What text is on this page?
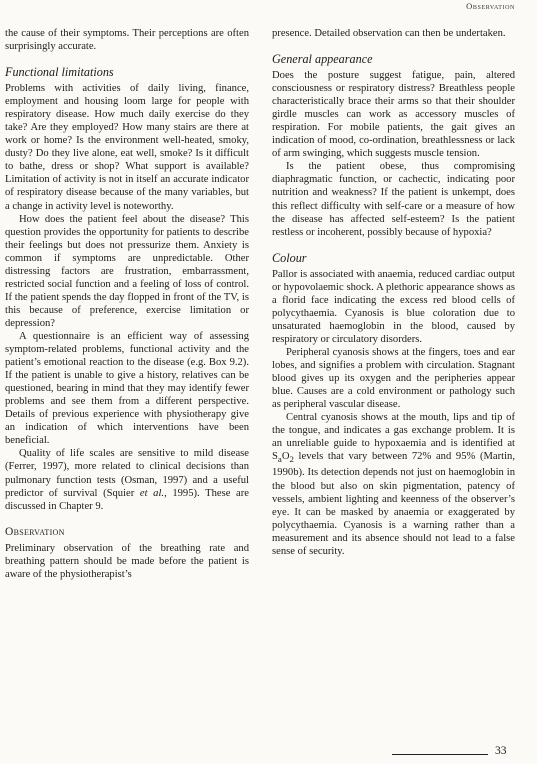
Observation

the cause of their symptoms. Their perceptions are often surprisingly accurate.

Functional limitations

Problems with activities of daily living, finance, employment and housing loom large for people with respiratory disease. How much daily exercise do they take? Are they employed? How many stairs are there at work or home? Is the environment well-heated, smoky, dusty? Do they live alone, eat well, smoke? Is it difficult to bathe, dress or shop? What support is available? Limitation of activity is not in itself an accurate indicator of respiratory disease because of the many variables, but a change in activity level is noteworthy.

How does the patient feel about the disease? This question provides the opportunity for patients to describe their feelings but does not pressurize them. Anxiety is common if symptoms are unpredictable. Other distressing factors are frustration, embarrassment, restricted social function and a feeling of loss of control. If the patient spends the day flopped in front of the TV, is this because of preference, exercise limitation or depression?

A questionnaire is an efficient way of assessing symptom-related problems, functional activity and the patient’s emotional reaction to the disease (e.g. Box 9.2). If the patient is unable to give a history, relatives can be questioned, bearing in mind that they may identify fewer problems and see them from a different perspective. Details of previous experience with physiotherapy give an indication of which interventions have been beneficial.

Quality of life scales are sensitive to mild disease (Ferrer, 1997), more related to clinical decisions than pulmonary function tests (Osman, 1997) and a useful predictor of survival (Squier et al., 1995). These are discussed in Chapter 9.

Observation

Preliminary observation of the breathing rate and breathing pattern should be made before the patient is aware of the physiotherapist’s

presence. Detailed observation can then be undertaken.

General appearance

Does the posture suggest fatigue, pain, altered consciousness or respiratory distress? Breathless people characteristically brace their arms so that their shoulder girdle muscles can work as accessory muscles of respiration. For mobile patients, the gait gives an indication of mood, co-ordination, breathlessness or lack of arm swinging, which suggests muscle tension.

Is the patient obese, thus compromising diaphragmatic function, or cachectic, indicating poor nutrition and weakness? If the patient is unkempt, does this reflect difficulty with self-care or a measure of how the disease has affected self-esteem? Is the patient restless or incoherent, possibly because of hypoxia?

Colour

Pallor is associated with anaemia, reduced cardiac output or hypovolaemic shock. A plethoric appearance shows as a florid face indicating the excess red blood cells of polycythaemia. Cyanosis is blue coloration due to unsaturated haemoglobin in the blood, caused by respiratory or circulatory disorders.

Peripheral cyanosis shows at the fingers, toes and ear lobes, and signifies a problem with circulation. Stagnant blood gives up its oxygen and the peripheries appear blue. Causes are a cold environment or pathology such as peripheral vascular disease.

Central cyanosis shows at the mouth, lips and tip of the tongue, and indicates a gas exchange problem. It is an unreliable guide to hypoxaemia and is identified at $S_aO_2$ levels that vary between 72% and 95% (Martin, 1990b). Its detection depends not just on haemoglobin in the blood but also on skin pigmentation, patency of vessels, ambient lighting and keenness of the observer’s eye. It can be masked by anaemia or exaggerated by polycythaemia. Cyanosis is a warning rather than a measurement and its absence should not lead to a false sense of security.

33
